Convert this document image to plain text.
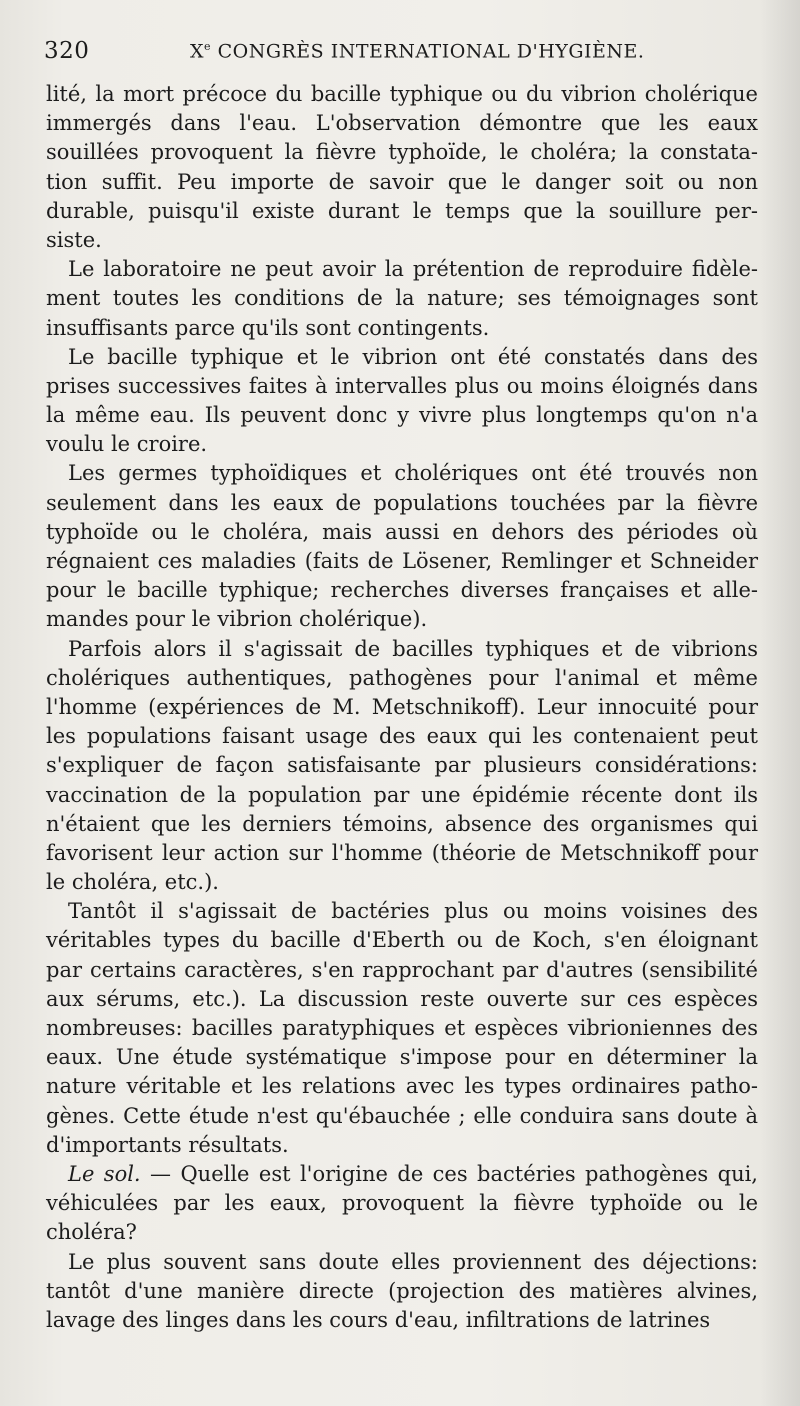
320	Xe CONGRÈS INTERNATIONAL D'HYGIÈNE.
lité, la mort précoce du bacille typhique ou du vibrion cholérique
immergés dans l'eau. L'observation démontre que les eaux
souillées provoquent la fièvre typhoïde, le choléra; la constata-
tion suffit. Peu importe de savoir que le danger soit ou non
durable, puisqu'il existe durant le temps que la souillure per-
siste.
Le laboratoire ne peut avoir la prétention de reproduire fidèle-
ment toutes les conditions de la nature; ses témoignages sont
insuffisants parce qu'ils sont contingents.
Le bacille typhique et le vibrion ont été constatés dans des
prises successives faites à intervalles plus ou moins éloignés dans
la même eau. Ils peuvent donc y vivre plus longtemps qu'on n'a
voulu le croire.
Les germes typhoïdiques et cholériques ont été trouvés non
seulement dans les eaux de populations touchées par la fièvre
typhoïde ou le choléra, mais aussi en dehors des périodes où
régnaient ces maladies (faits de Lösener, Remlinger et Schneider
pour le bacille typhique; recherches diverses françaises et alle-
mandes pour le vibrion cholérique).
Parfois alors il s'agissait de bacilles typhiques et de vibrions
cholériques authentiques, pathogènes pour l'animal et même
l'homme (expériences de M. Metschnikoff). Leur innocuité pour
les populations faisant usage des eaux qui les contenaient peut
s'expliquer de façon satisfaisante par plusieurs considérations:
vaccination de la population par une épidémie récente dont ils
n'étaient que les derniers témoins, absence des organismes qui
favorisent leur action sur l'homme (théorie de Metschnikoff pour
le choléra, etc.).
Tantôt il s'agissait de bactéries plus ou moins voisines des
véritables types du bacille d'Eberth ou de Koch, s'en éloignant
par certains caractères, s'en rapprochant par d'autres (sensibilité
aux sérums, etc.). La discussion reste ouverte sur ces espèces
nombreuses: bacilles paratyphiques et espèces vibrioniennes des
eaux. Une étude systématique s'impose pour en déterminer la
nature véritable et les relations avec les types ordinaires patho-
gènes. Cette étude n'est qu'ébauchée ; elle conduira sans doute à
d'importants résultats.
Le sol. — Quelle est l'origine de ces bactéries pathogènes qui,
véhiculées par les eaux, provoquent la fièvre typhoïde ou le
choléra?
Le plus souvent sans doute elles proviennent des déjections:
tantôt d'une manière directe (projection des matières alvines,
lavage des linges dans les cours d'eau, infiltrations de latrines
